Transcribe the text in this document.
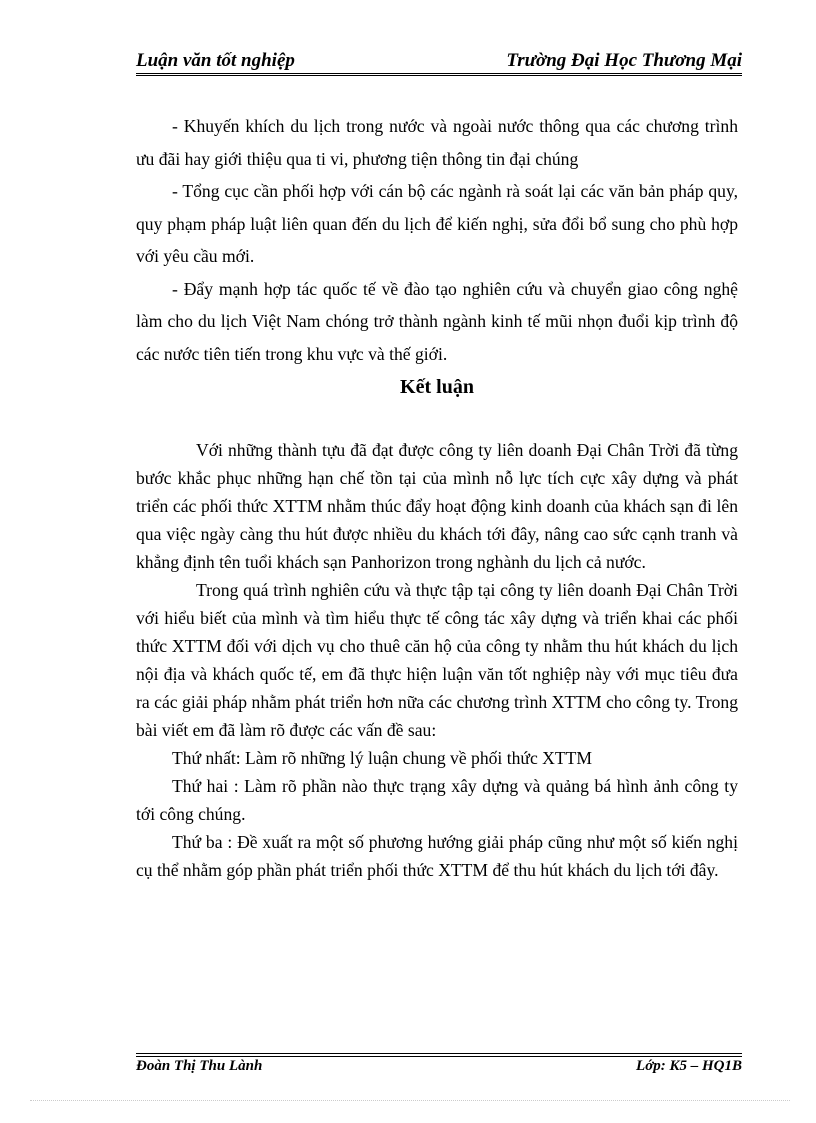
Luận văn tốt nghiệp	Trường Đại Học Thương Mại

- Khuyến khích du lịch trong nước và ngoài nước thông qua các chương trình ưu đãi hay giới thiệu qua ti vi, phương tiện thông tin đại chúng

- Tổng cục cần phối hợp với cán bộ các ngành rà soát lại các văn bản pháp quy, quy phạm pháp luật liên quan đến du lịch để kiến nghị, sửa đổi bổ sung cho phù hợp với yêu cầu mới.

- Đẩy mạnh hợp tác quốc tế về đào tạo nghiên cứu và chuyển giao công nghệ làm cho du lịch Việt Nam chóng trở thành ngành kinh tế mũi nhọn đuổi kịp trình độ các nước tiên tiến trong khu vực và thế giới.

Kết luận

Với những thành tựu đã đạt được công ty liên doanh Đại Chân Trời đã từng bước khắc phục những hạn chế tồn tại của mình nỗ lực tích cực xây dựng và phát triển các phối thức XTTM nhằm thúc đẩy hoạt động kinh doanh của khách sạn đi lên qua việc ngày càng thu hút được nhiều du khách tới đây, nâng cao sức cạnh tranh và khẳng định tên tuổi khách sạn Panhorizon trong nghành du lịch cả nước.

Trong quá trình nghiên cứu và thực tập tại công ty liên doanh Đại Chân Trời với hiểu biết của mình và tìm hiểu thực tế công tác xây dựng và triển khai các phối thức XTTM đối với dịch vụ cho thuê căn hộ của công ty nhằm thu hút khách du lịch nội địa và khách quốc tế, em đã thực hiện luận văn tốt nghiệp này với mục tiêu đưa ra các giải pháp nhằm phát triển hơn nữa các chương trình XTTM cho công ty. Trong bài viết em đã làm rõ được các vấn đề sau:

Thứ nhất: Làm rõ những lý luận chung về phối thức XTTM

Thứ hai : Làm rõ phần nào thực trạng xây dựng và quảng bá hình ảnh công ty tới công chúng.

Thứ ba : Đề xuất ra một số phương hướng giải pháp cũng như một số kiến nghị cụ thể nhằm góp phần phát triển phối thức XTTM để thu hút khách du lịch tới đây.

Đoàn Thị Thu Lành	Lớp: K5 – HQ1B
